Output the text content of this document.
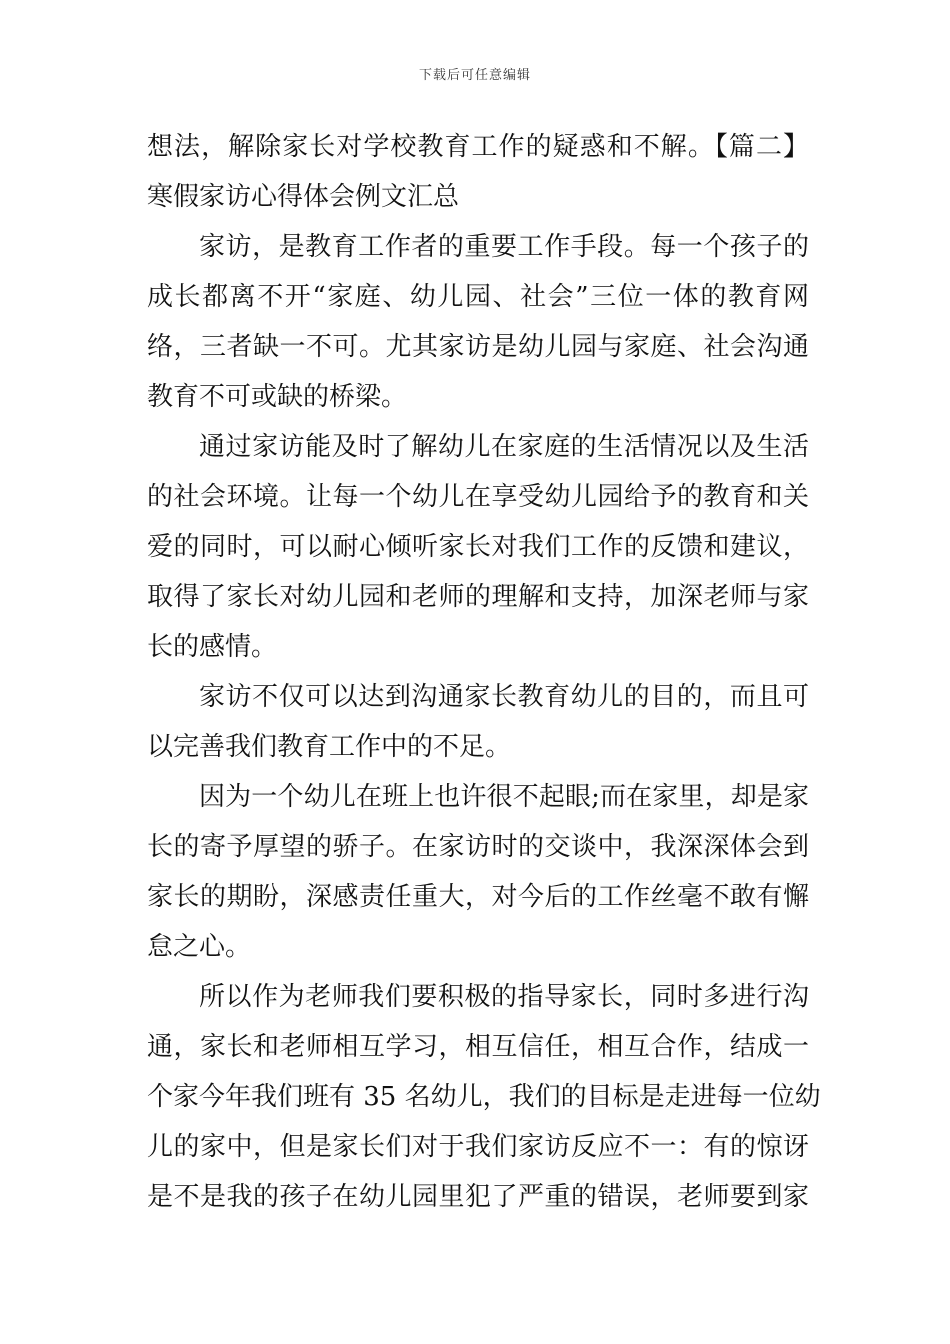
下载后可任意编辑
想法，解除家长对学校教育工作的疑惑和不解。【篇二】
寒假家访心得体会例文汇总
家访，是教育工作者的重要工作手段。每一个孩子的
成长都离不开“家庭、幼儿园、社会”三位一体的教育网
络，三者缺一不可。尤其家访是幼儿园与家庭、社会沟通
教育不可或缺的桥梁。
通过家访能及时了解幼儿在家庭的生活情况以及生活
的社会环境。让每一个幼儿在享受幼儿园给予的教育和关
爱的同时，可以耐心倾听家长对我们工作的反馈和建议，
取得了家长对幼儿园和老师的理解和支持，加深老师与家
长的感情。
家访不仅可以达到沟通家长教育幼儿的目的，而且可
以完善我们教育工作中的不足。
因为一个幼儿在班上也许很不起眼;而在家里，却是家
长的寄予厚望的骄子。在家访时的交谈中，我深深体会到
家长的期盼，深感责任重大，对今后的工作丝毫不敢有懈
怠之心。
所以作为老师我们要积极的指导家长，同时多进行沟
通，家长和老师相互学习，相互信任，相互合作，结成一
个家今年我们班有 35 名幼儿，我们的目标是走进每一位幼
儿的家中，但是家长们对于我们家访反应不一：有的惊讶
是不是我的孩子在幼儿园里犯了严重的错误，老师要到家
